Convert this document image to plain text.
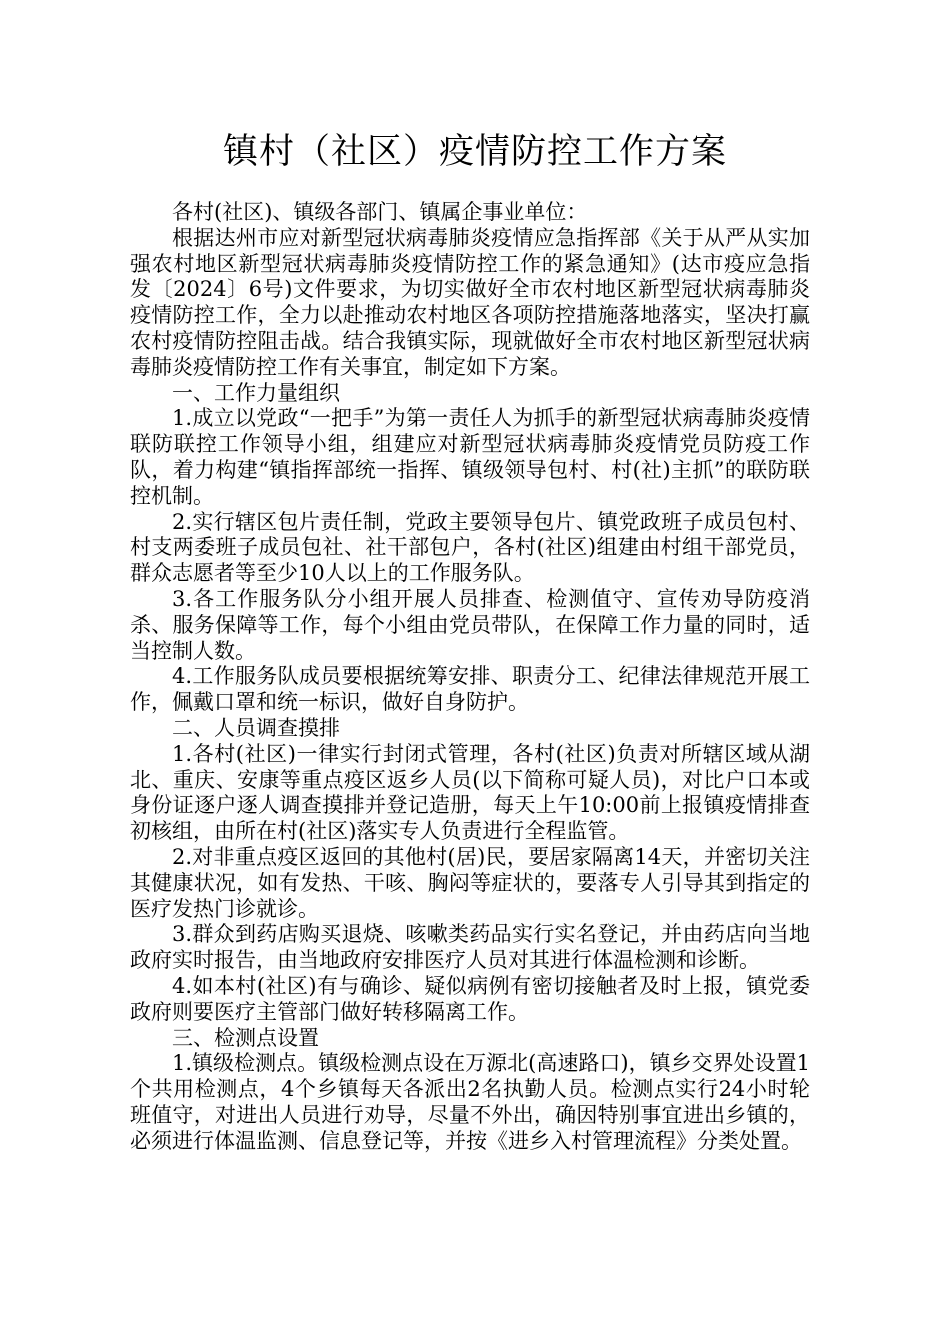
镇村（社区）疫情防控工作方案

各村(社区)、镇级各部门、镇属企事业单位：

根据达州市应对新型冠状病毒肺炎疫情应急指挥部《关于从严从实加强农村地区新型冠状病毒肺炎疫情防控工作的紧急通知》(达市疫应急指发〔2024〕6号)文件要求，为切实做好全市农村地区新型冠状病毒肺炎疫情防控工作，全力以赴推动农村地区各项防控措施落地落实，坚决打赢农村疫情防控阻击战。结合我镇实际，现就做好全市农村地区新型冠状病毒肺炎疫情防控工作有关事宜，制定如下方案。

一、工作力量组织

1.成立以党政“一把手”为第一责任人为抓手的新型冠状病毒肺炎疫情联防联控工作领导小组，组建应对新型冠状病毒肺炎疫情党员防疫工作队，着力构建“镇指挥部统一指挥、镇级领导包村、村(社)主抓”的联防联控机制。

2.实行辖区包片责任制，党政主要领导包片、镇党政班子成员包村、村支两委班子成员包社、社干部包户，各村(社区)组建由村组干部党员，群众志愿者等至少10人以上的工作服务队。

3.各工作服务队分小组开展人员排查、检测值守、宣传劝导防疫消杀、服务保障等工作，每个小组由党员带队，在保障工作力量的同时，适当控制人数。

4.工作服务队成员要根据统筹安排、职责分工、纪律法律规范开展工作，佩戴口罩和统一标识，做好自身防护。

二、人员调查摸排

1.各村(社区)一律实行封闭式管理，各村(社区)负责对所辖区域从湖北、重庆、安康等重点疫区返乡人员(以下简称可疑人员)，对比户口本或身份证逐户逐人调查摸排并登记造册，每天上午10:00前上报镇疫情排查初核组，由所在村(社区)落实专人负责进行全程监管。

2.对非重点疫区返回的其他村(居)民，要居家隔离14天，并密切关注其健康状况，如有发热、干咳、胸闷等症状的，要落专人引导其到指定的医疗发热门诊就诊。

3.群众到药店购买退烧、咳嗽类药品实行实名登记，并由药店向当地政府实时报告，由当地政府安排医疗人员对其进行体温检测和诊断。

4.如本村(社区)有与确诊、疑似病例有密切接触者及时上报，镇党委政府则要医疗主管部门做好转移隔离工作。

三、检测点设置

1.镇级检测点。镇级检测点设在万源北(高速路口)，镇乡交界处设置1个共用检测点，4个乡镇每天各派出2名执勤人员。检测点实行24小时轮班值守，对进出人员进行劝导，尽量不外出，确因特别事宜进出乡镇的，必须进行体温监测、信息登记等，并按《进乡入村管理流程》分类处置。
